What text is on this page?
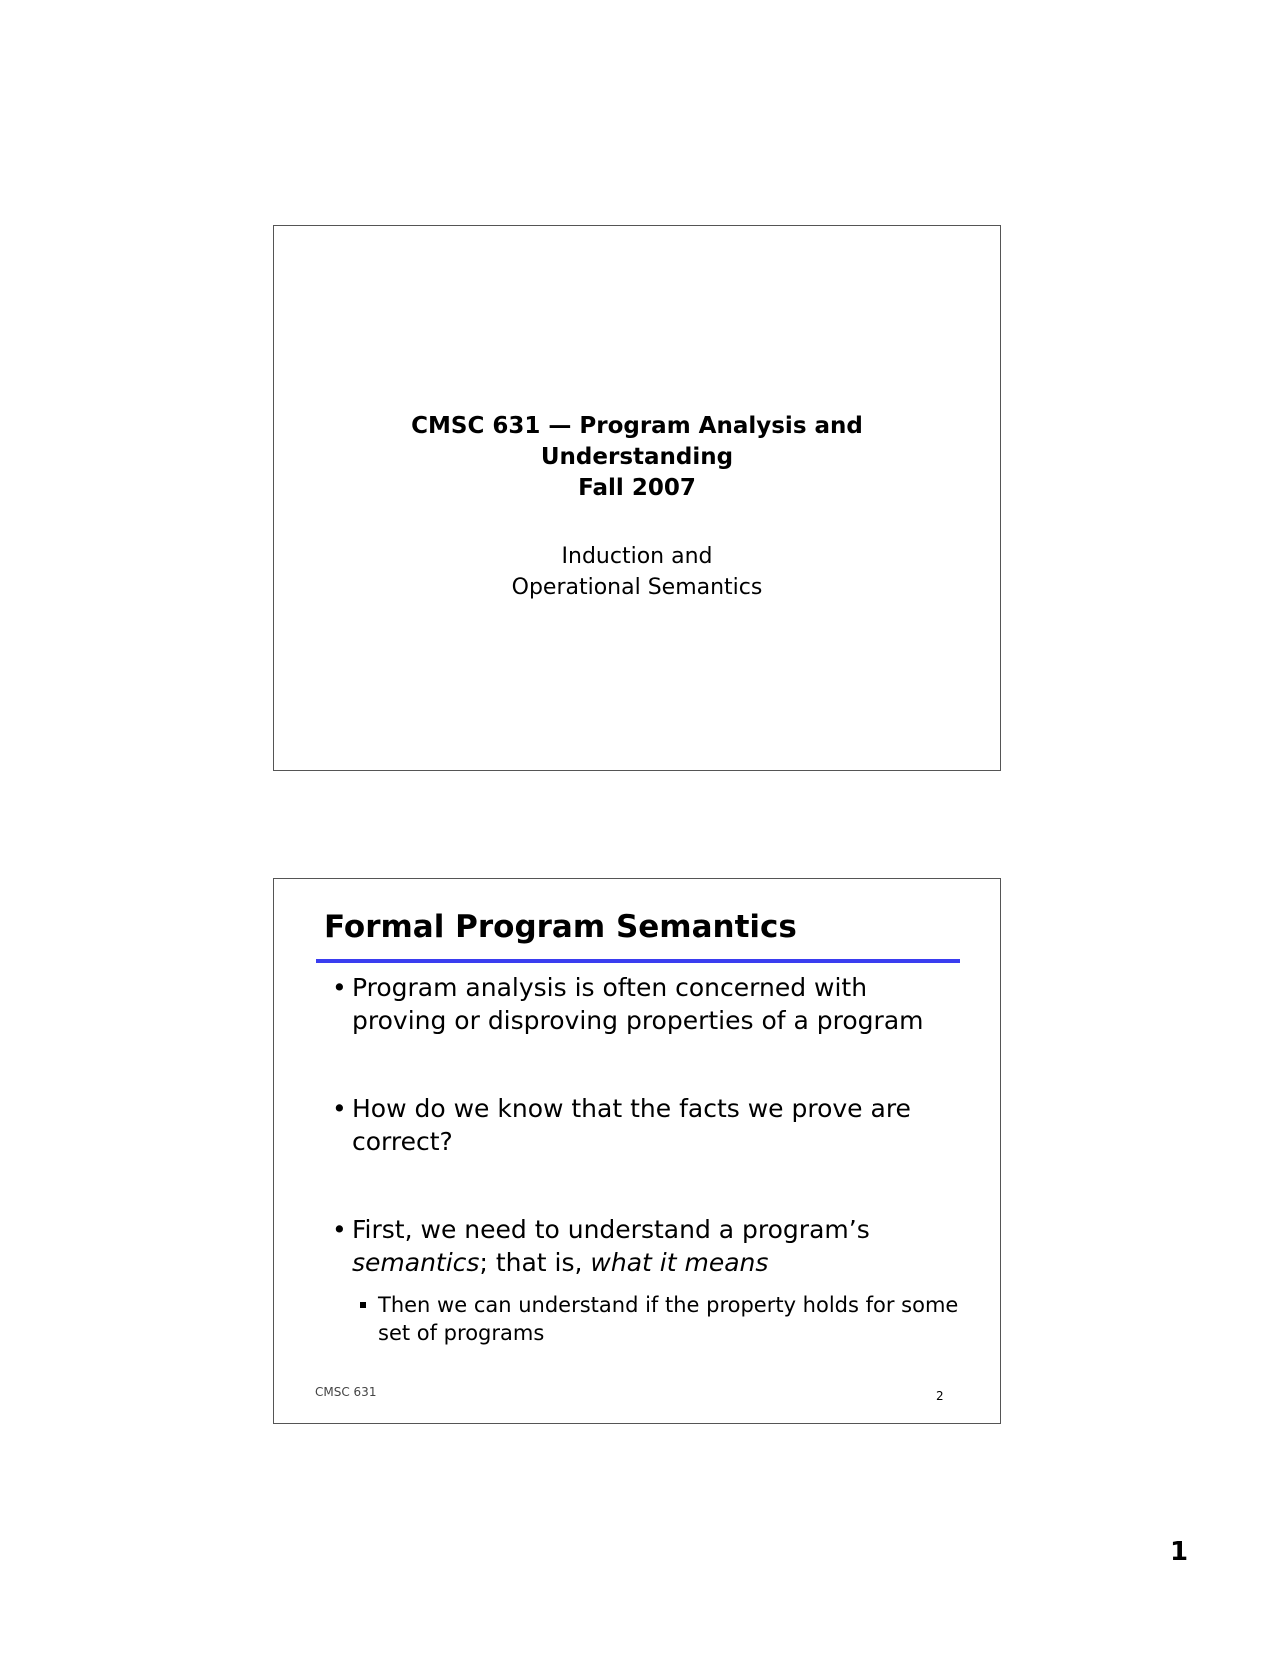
CMSC 631 — Program Analysis and
Understanding
Fall 2007
Induction and
Operational Semantics
Formal Program Semantics
• Program analysis is often concerned with proving or disproving properties of a program
• How do we know that the facts we prove are correct?
• First, we need to understand a program’s semantics; that is, what it means
Then we can understand if the property holds for some set of programs
CMSC 631	2
1
